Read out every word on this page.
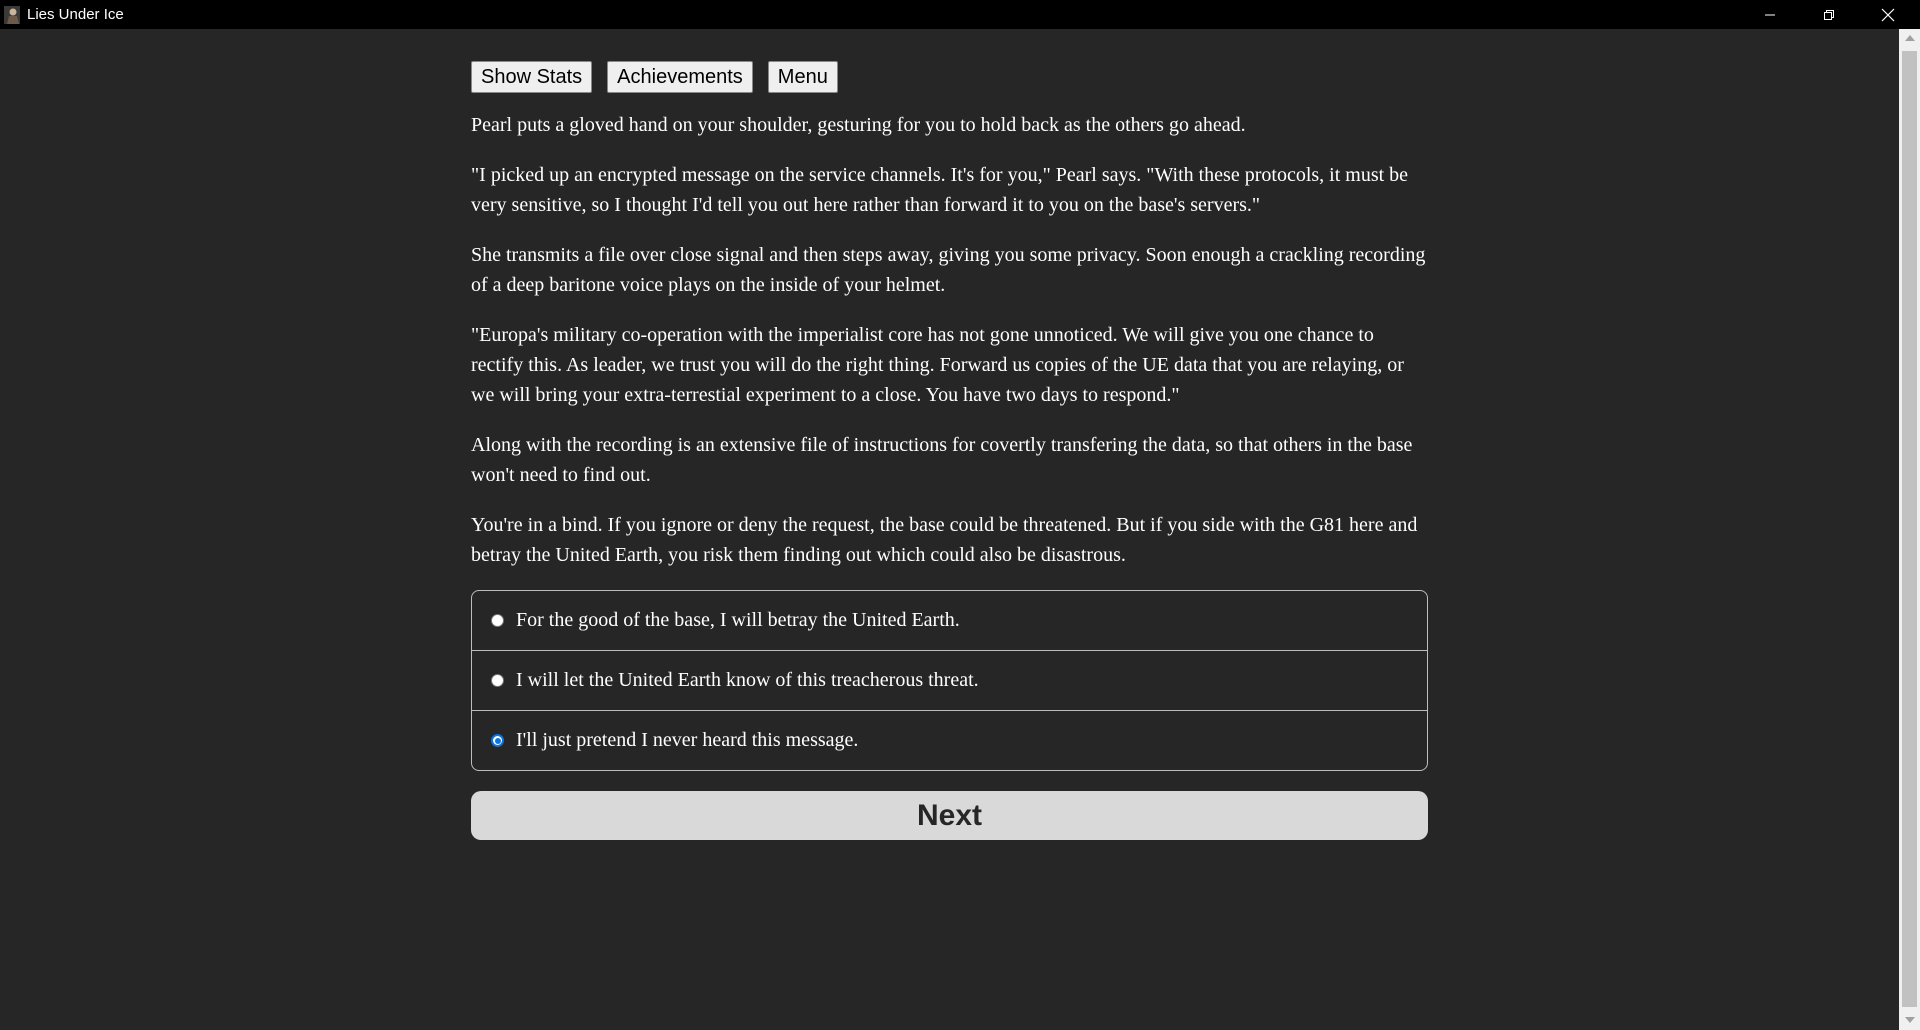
Lies Under Ice
Show Stats	Achievements	Menu

Pearl puts a gloved hand on your shoulder, gesturing for you to hold back as the others go ahead.

"I picked up an encrypted message on the service channels. It's for you," Pearl says. "With these protocols, it must be very sensitive, so I thought I'd tell you out here rather than forward it to you on the base's servers."

She transmits a file over close signal and then steps away, giving you some privacy. Soon enough a crackling recording of a deep baritone voice plays on the inside of your helmet.

"Europa's military co-operation with the imperialist core has not gone unnoticed. We will give you one chance to rectify this. As leader, we trust you will do the right thing. Forward us copies of the UE data that you are relaying, or we will bring your extra-terrestial experiment to a close. You have two days to respond."

Along with the recording is an extensive file of instructions for covertly transfering the data, so that others in the base won't need to find out.

You're in a bind. If you ignore or deny the request, the base could be threatened. But if you side with the G81 here and betray the United Earth, you risk them finding out which could also be disastrous.

For the good of the base, I will betray the United Earth.
I will let the United Earth know of this treacherous threat.
I'll just pretend I never heard this message.
Next
